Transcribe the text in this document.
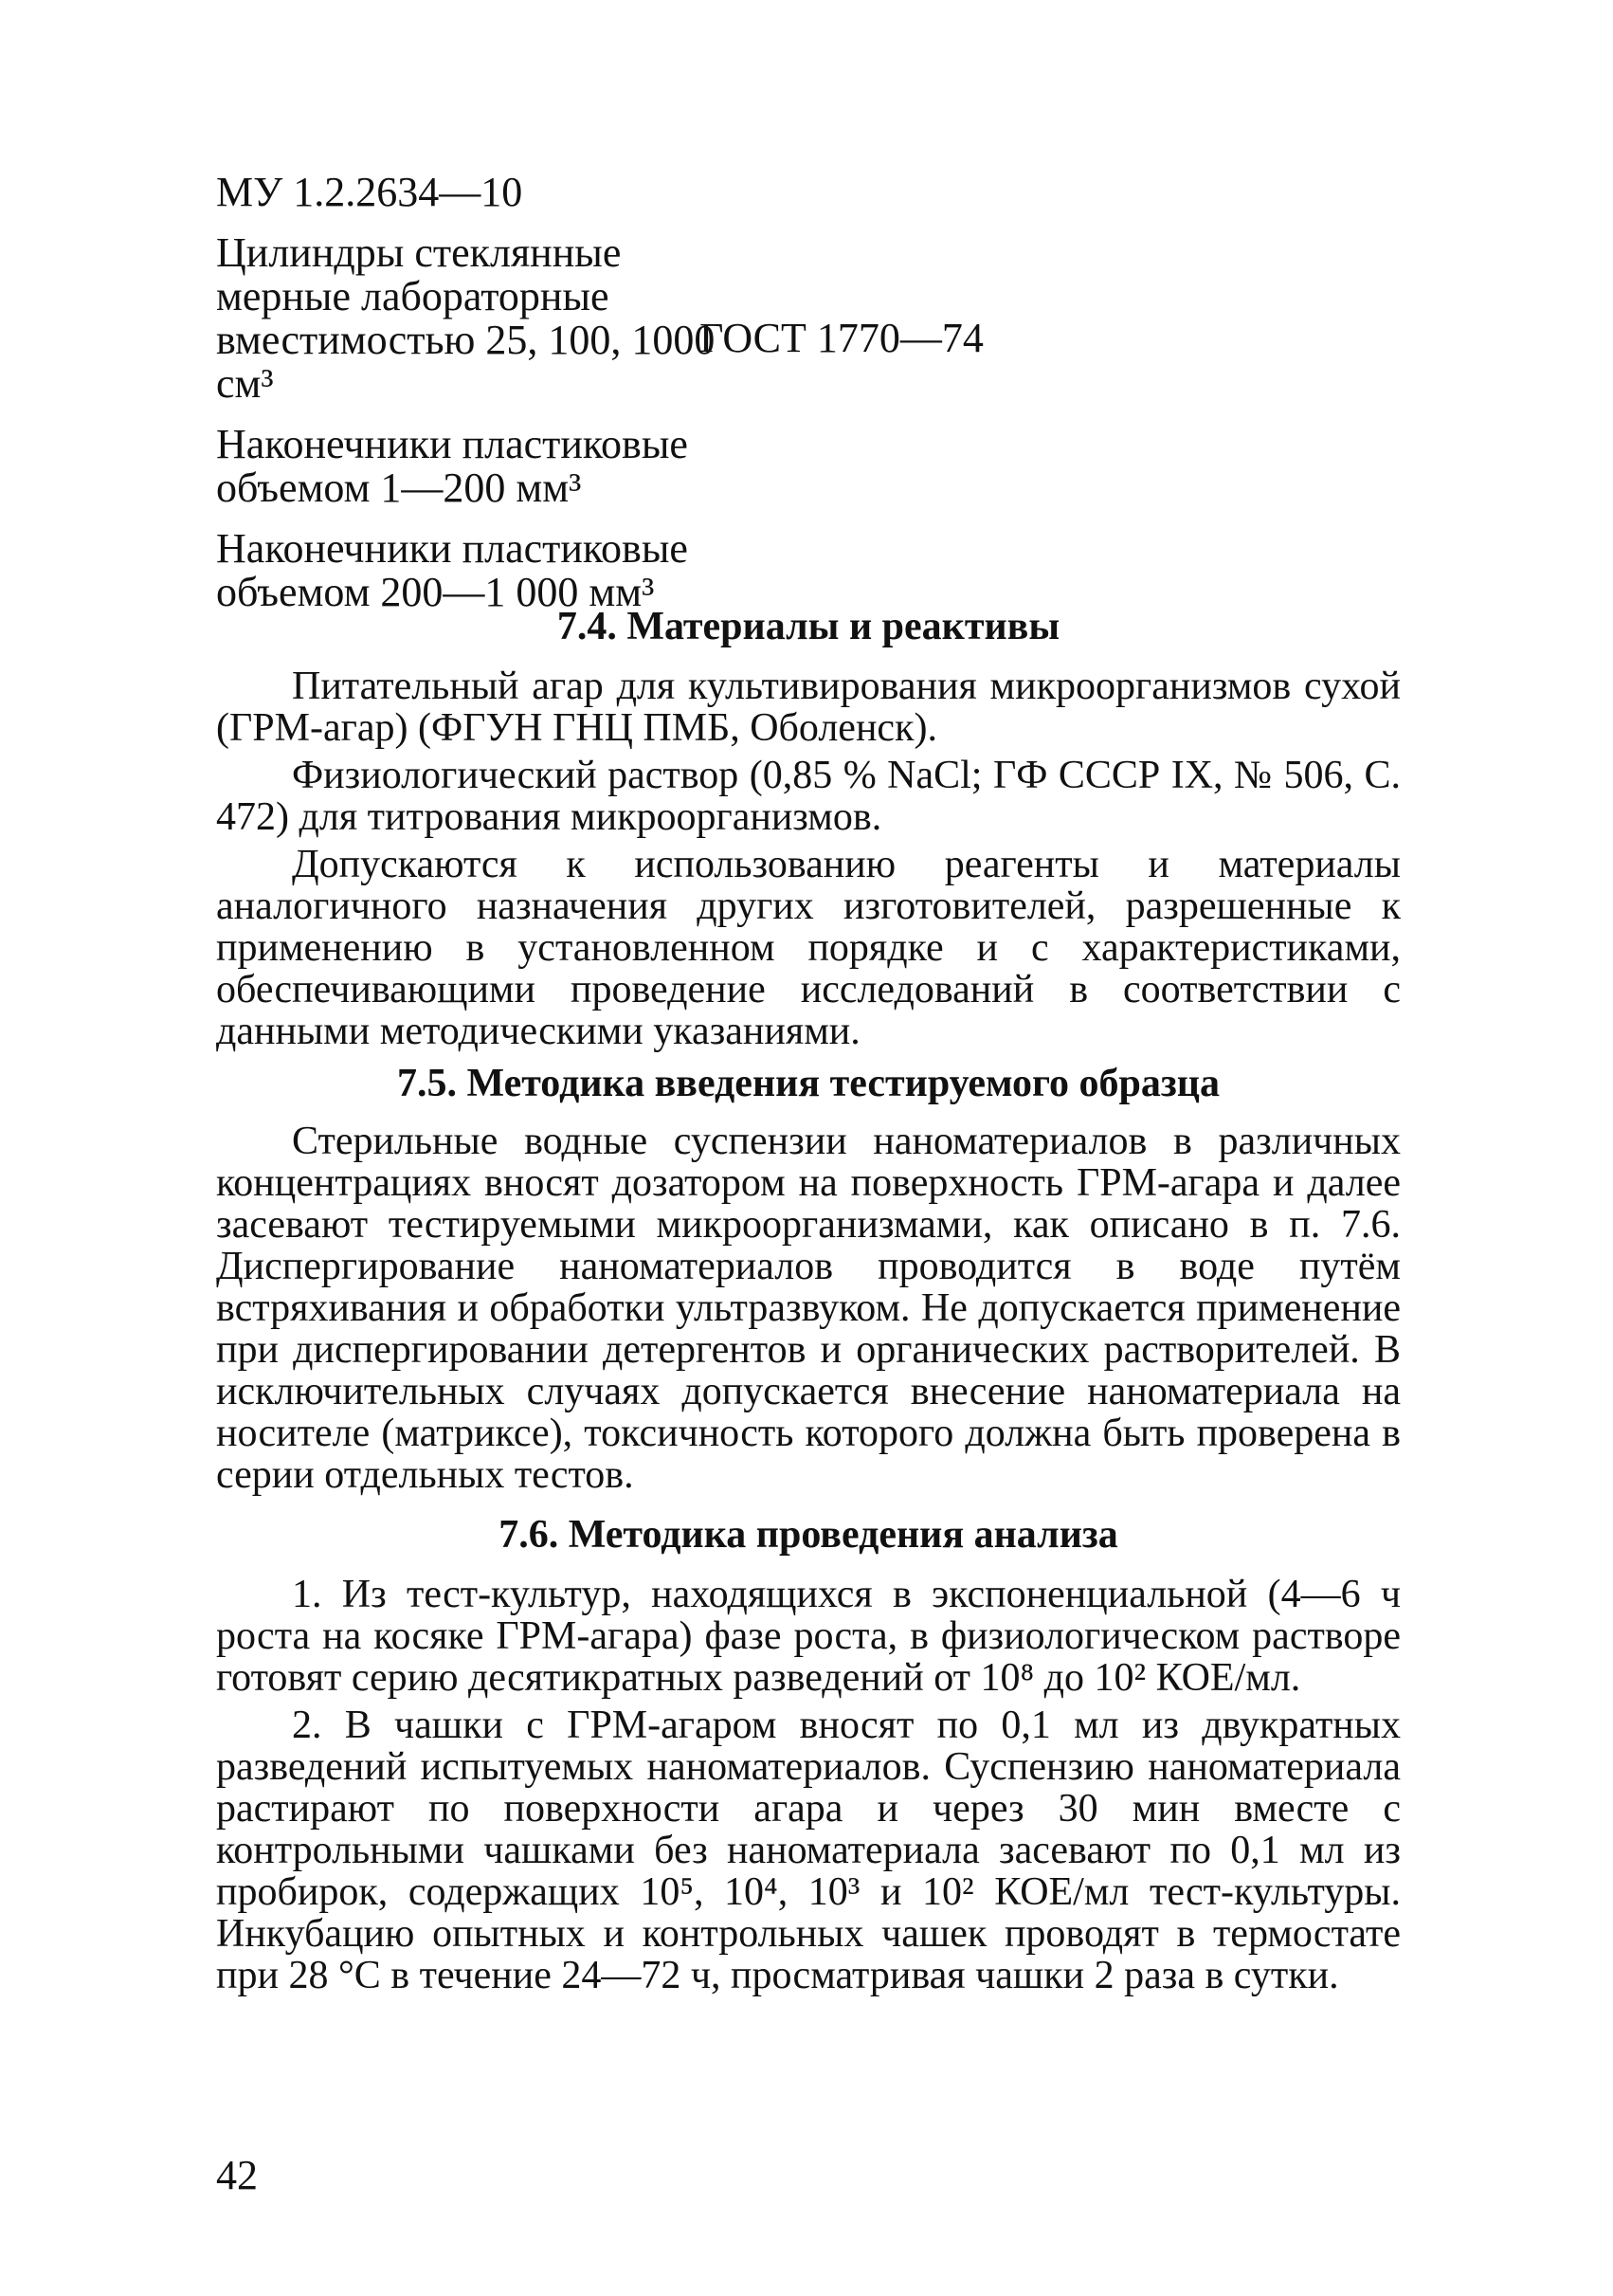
МУ 1.2.2634—10
Цилиндры стеклянные мерные лабораторные вместимостью 25, 100, 1000 см³
ГОСТ 1770—74
Наконечники пластиковые объемом 1—200 мм³
Наконечники пластиковые объемом 200—1 000 мм³
7.4. Материалы и реактивы

Питательный агар для культивирования микроорганизмов сухой (ГРМ-агар) (ФГУН ГНЦ ПМБ, Оболенск).

Физиологический раствор (0,85 % NaCl; ГФ СССР IX, № 506, С. 472) для титрования микроорганизмов.

Допускаются к использованию реагенты и материалы аналогичного назначения других изготовителей, разрешенные к применению в установленном порядке и с характеристиками, обеспечивающими проведение исследований в соответствии с данными методическими указаниями.

7.5. Методика введения тестируемого образца

Стерильные водные суспензии наноматериалов в различных концентрациях вносят дозатором на поверхность ГРМ-агара и далее засевают тестируемыми микроорганизмами, как описано в п. 7.6. Диспергирование наноматериалов проводится в воде путём встряхивания и обработки ультразвуком. Не допускается применение при диспергировании детергентов и органических растворителей. В исключительных случаях допускается внесение наноматериала на носителе (матриксе), токсичность которого должна быть проверена в серии отдельных тестов.

7.6. Методика проведения анализа

1. Из тест-культур, находящихся в экспоненциальной (4—6 ч роста на косяке ГРМ-агара) фазе роста, в физиологическом растворе готовят серию десятикратных разведений от 10⁸ до 10² КОЕ/мл.

2. В чашки с ГРМ-агаром вносят по 0,1 мл из двукратных разведений испытуемых наноматериалов. Суспензию наноматериала растирают по поверхности агара и через 30 мин вместе с контрольными чашками без наноматериала засевают по 0,1 мл из пробирок, содержащих 10⁵, 10⁴, 10³ и 10² КОЕ/мл тест-культуры. Инкубацию опытных и контрольных чашек проводят в термостате при 28 °С в течение 24—72 ч, просматривая чашки 2 раза в сутки.

42
